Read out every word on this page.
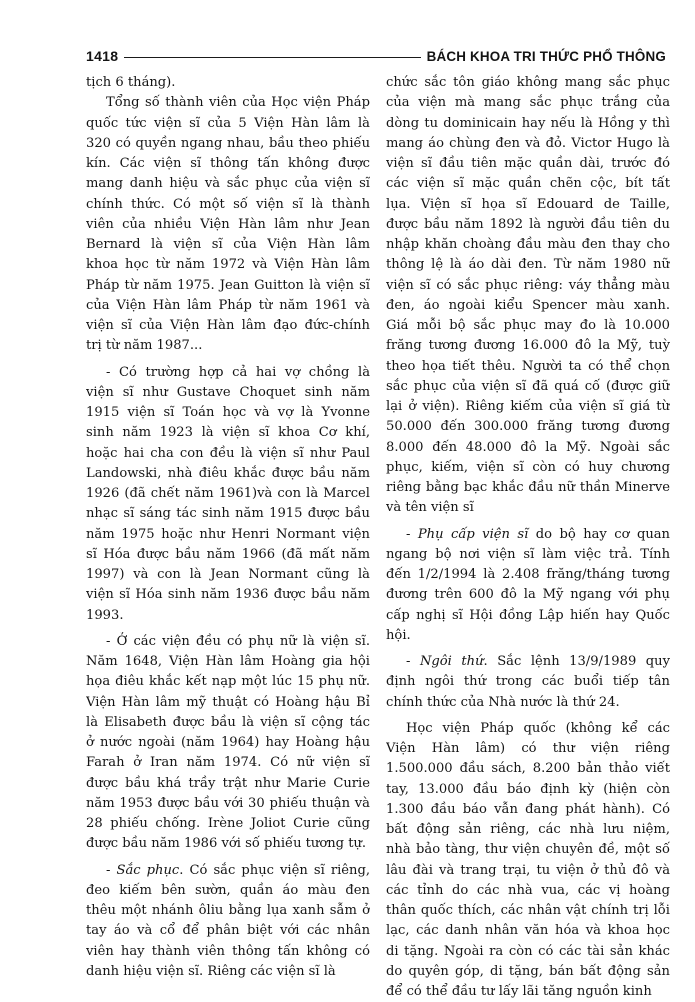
1418	BÁCH KHOA TRI THỨC PHỔ THÔNG
tịch 6 tháng).
Tổng số thành viên của Học viện Pháp
quốc tức viện sĩ của 5 Viện Hàn lâm là
320 có quyền ngang nhau, bầu theo phiếu
kín. Các viện sĩ thông tấn không được
mang danh hiệu và sắc phục của viện sĩ
chính thức. Có một số viện sĩ là thành
viên của nhiều Viện Hàn lâm như Jean
Bernard là viện sĩ của Viện Hàn lâm
khoa học từ năm 1972 và Viện Hàn lâm
Pháp từ năm 1975. Jean Guitton là viện sĩ
của Viện Hàn lâm Pháp từ năm 1961 và
viện sĩ của Viện Hàn lâm đạo đức-chính
trị từ năm 1987...
- Có trường hợp cả hai vợ chồng là
viện sĩ như Gustave Choquet sinh năm
1915 viện sĩ Toán học và vợ là Yvonne
sinh năm 1923 là viện sĩ khoa Cơ khí,
hoặc hai cha con đều là viện sĩ như Paul
Landowski, nhà điêu khắc được bầu năm
1926 (đã chết năm 1961)và con là Marcel
nhạc sĩ sáng tác sinh năm 1915 được bầu
năm 1975 hoặc như Henri Normant viện
sĩ Hóa được bầu năm 1966 (đã mất năm
1997) và con là Jean Normant cũng là
viện sĩ Hóa sinh năm 1936 được bầu năm
1993.
- Ở các viện đều có phụ nữ là viện sĩ.
Năm 1648, Viện Hàn lâm Hoàng gia hội
họa điêu khắc kết nạp một lúc 15 phụ nữ.
Viện Hàn lâm mỹ thuật có Hoàng hậu Bỉ
là Elisabeth được bầu là viện sĩ cộng tác
ở nước ngoài (năm 1964) hay Hoàng hậu
Farah ở Iran năm 1974. Có nữ viện sĩ
được bầu khá trầy trật như Marie Curie
năm 1953 được bầu với 30 phiếu thuận và
28 phiếu chống. Irène Joliot Curie cũng
được bầu năm 1986 với số phiếu tương tự.
- Sắc phục. Có sắc phục viện sĩ riêng,
đeo kiếm bên sườn, quần áo màu đen
thêu một nhánh ôliu bằng lụa xanh sẫm ở
tay áo và cổ để phân biệt với các nhân
viên hay thành viên thông tấn không có
danh hiệu viện sĩ. Riêng các viện sĩ là
chức sắc tôn giáo không mang sắc phục
của viện mà mang sắc phục trắng của
dòng tu dominicain hay nếu là Hồng y thì
mang áo chùng đen và đỏ. Victor Hugo là
viện sĩ đầu tiên mặc quần dài, trước đó
các viện sĩ mặc quần chẽn cộc, bít tất
lụa. Viện sĩ họa sĩ Edouard de Taille,
được bầu năm 1892 là người đầu tiên du
nhập khăn choàng đầu màu đen thay cho
thông lệ là áo dài đen. Từ năm 1980 nữ
viện sĩ có sắc phục riêng: váy thẳng màu
đen, áo ngoài kiểu Spencer màu xanh.
Giá mỗi bộ sắc phục may đo là 10.000
frăng tương đương 16.000 đô la Mỹ, tuỳ
theo họa tiết thêu. Người ta có thể chọn
sắc phục của viện sĩ đã quá cố (được giữ
lại ở viện). Riêng kiếm của viện sĩ giá từ
50.000 đến 300.000 frăng tương đương
8.000 đến 48.000 đô la Mỹ. Ngoài sắc
phục, kiếm, viện sĩ còn có huy chương
riêng bằng bạc khắc đầu nữ thần Minerve
và tên viện sĩ
- Phụ cấp viện sĩ do bộ hay cơ quan
ngang bộ nơi viện sĩ làm việc trả. Tính
đến 1/2/1994 là 2.408 frăng/tháng tương
đương trên 600 đô la Mỹ ngang với phụ
cấp nghị sĩ Hội đồng Lập hiến hay Quốc
hội.
- Ngôi thứ. Sắc lệnh 13/9/1989 quy
định ngôi thứ trong các buổi tiếp tân
chính thức của Nhà nước là thứ 24.
Học viện Pháp quốc (không kể các
Viện Hàn lâm) có thư viện riêng
1.500.000 đầu sách, 8.200 bản thảo viết
tay, 13.000 đầu báo định kỳ (hiện còn
1.300 đầu báo vẫn đang phát hành). Có
bất động sản riêng, các nhà lưu niệm,
nhà bảo tàng, thư viện chuyên đề, một số
lâu đài và trang trại, tu viện ở thủ đô và
các tỉnh do các nhà vua, các vị hoàng
thân quốc thích, các nhân vật chính trị lỗi
lạc, các danh nhân văn hóa và khoa học
di tặng. Ngoài ra còn có các tài sản khác
do quyên góp, di tặng, bán bất động sản
để có thể đầu tư lấy lãi tăng nguồn kinh
